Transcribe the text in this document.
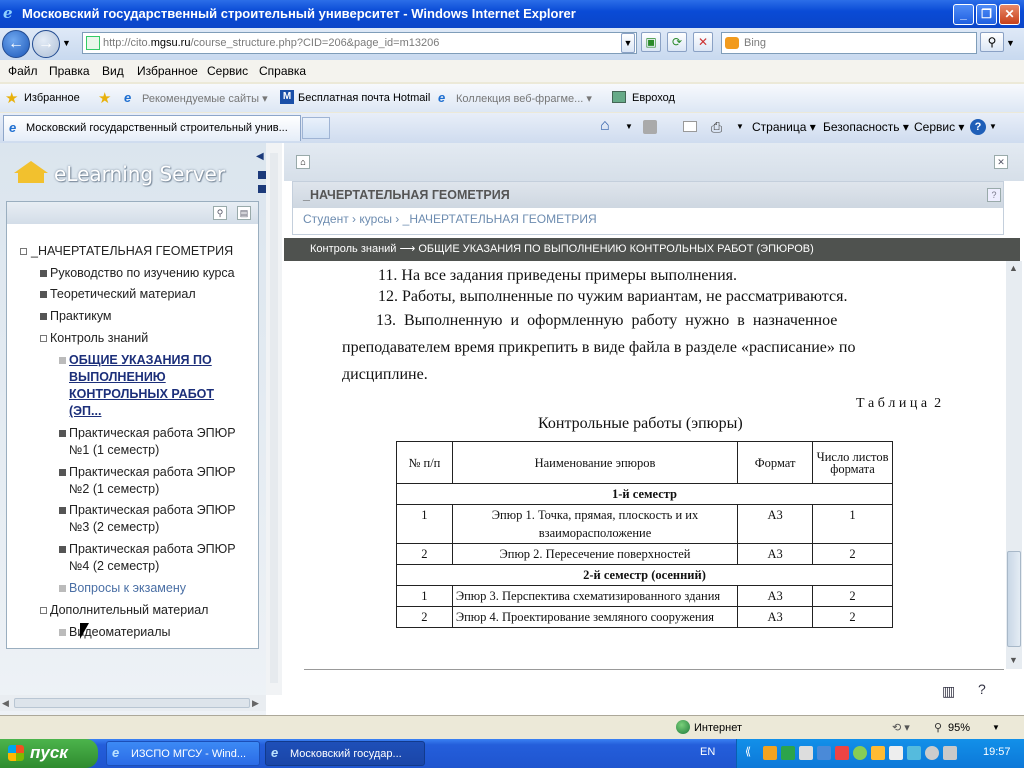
e Московский государственный строительный университет - Windows Internet Explorer	_	❐	✕
← → ▼	http://cito.mgsu.ru/course_structure.php?CID=206&page_id=m13206	▼	▣	⟳	✕	Bing	⚲	▼
Файл Правка Вид Избранное Сервис Справка
★ Избранное ★ e Рекомендуемые сайты ▾ M Бесплатная почта Hotmail e Коллекция веб-фрагме... ▾	Евроход
e Московский государственный строительный унив...	⌂ ▼	⎙ ▼ Страница ▾ Безопасность ▾ Сервис ▾ ? ▼
eLearning Server
⚲	▤
_НАЧЕРТАТЕЛЬНАЯ ГЕОМЕТРИЯ
Руководство по изучению курса
Теоретический материал
Практикум
Контроль знаний
ОБЩИЕ УКАЗАНИЯ ПО
ВЫПОЛНЕНИЮ
КОНТРОЛЬНЫХ РАБОТ
(ЭП...
Практическая работа ЭПЮР
№1 (1 семестр)
Практическая работа ЭПЮР
№2 (1 семестр)
Практическая работа ЭПЮР
№3 (2 семестр)
Практическая работа ЭПЮР
№4 (2 семестр)
Вопросы к экзамену
Дополнительный материал
Видеоматериалы
◀	▶
◀	⌂	✕
_НАЧЕРТАТЕЛЬНАЯ ГЕОМЕТРИЯ	?
Студент › курсы › _НАЧЕРТАТЕЛЬНАЯ ГЕОМЕТРИЯ
Контроль знаний ⟶ ОБЩИЕ УКАЗАНИЯ ПО ВЫПОЛНЕНИЮ КОНТРОЛЬНЫХ РАБОТ (ЭПЮРОВ)
11. На все задания приведены примеры выполнения.
12. Работы, выполненные по чужим вариантам, не рассматриваются.
13.  Выполненную  и  оформленную  работу  нужно  в  назначенное
преподавателем время прикрепить в виде файла в разделе «расписание» по
дисциплине.
Т а б л и ц а  2
Контрольные работы (эпюры)
№ п/п	Наименование эпюров	Формат	Число листов формата
1-й семестр			
1	Эпюр 1. Точка, прямая, плоскость и их взаиморасположение	А3	1
2	Эпюр 2. Пересечение поверхностей	А3	2
2-й семестр (осенний)			
1	Эпюр 3. Перспектива схематизированного здания	А3	2
2	Эпюр 4. Проектирование земляного сооружения	А3	2
▲
▼
▥ ?
Интернет	⟲ ▾ ⚲ 95%	▼
пуск	ИЗСПО МГСУ - Wind...
e	Московский государ...
e	EN	⟪	19:57
